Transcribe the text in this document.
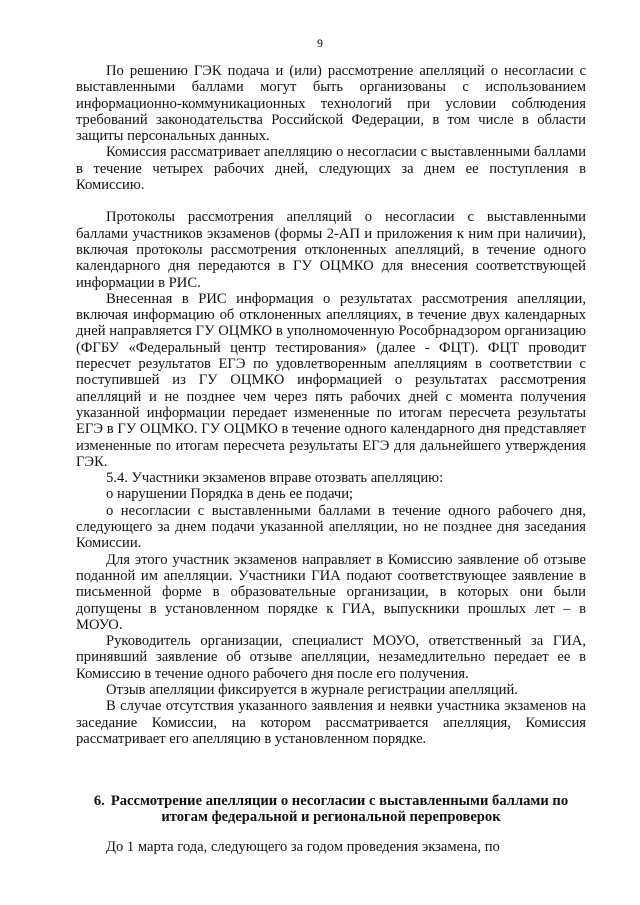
9

По решению ГЭК подача и (или) рассмотрение апелляций о несогласии с выставленными баллами могут быть организованы с использованием информационно-коммуникационных технологий при условии соблюдения требований законодательства Российской Федерации, в том числе в области защиты персональных данных.

Комиссия рассматривает апелляцию о несогласии с выставленными баллами в течение четырех рабочих дней, следующих за днем ее поступления в Комиссию.

Протоколы рассмотрения апелляций о несогласии с выставленными баллами участников экзаменов (формы 2-АП и приложения к ним при наличии), включая протоколы рассмотрения отклоненных апелляций, в течение одного календарного дня передаются в ГУ ОЦМКО для внесения соответствующей информации в РИС.

Внесенная в РИС информация о результатах рассмотрения апелляции, включая информацию об отклоненных апелляциях, в течение двух календарных дней направляется ГУ ОЦМКО в уполномоченную Рособрнадзором организацию (ФГБУ «Федеральный центр тестирования» (далее - ФЦТ). ФЦТ проводит пересчет результатов ЕГЭ по удовлетворенным апелляциям в соответствии с поступившей из ГУ ОЦМКО информацией о результатах рассмотрения апелляций и не позднее чем через пять рабочих дней с момента получения указанной информации передает измененные по итогам пересчета результаты ЕГЭ в ГУ ОЦМКО. ГУ ОЦМКО в течение одного календарного дня представляет измененные по итогам пересчета результаты ЕГЭ для дальнейшего утверждения ГЭК.

5.4. Участники экзаменов вправе отозвать апелляцию:

о нарушении Порядка в день ее подачи;

о несогласии с выставленными баллами в течение одного рабочего дня, следующего за днем подачи указанной апелляции, но не позднее дня заседания Комиссии.

Для этого участник экзаменов направляет в Комиссию заявление об отзыве поданной им апелляции. Участники ГИА подают соответствующее заявление в письменной форме в образовательные организации, в которых они были допущены в установленном порядке к ГИА, выпускники прошлых лет – в МОУО.

Руководитель организации, специалист МОУО, ответственный за ГИА, принявший заявление об отзыве апелляции, незамедлительно передает ее в Комиссию в течение одного рабочего дня после его получения.

Отзыв апелляции фиксируется в журнале регистрации апелляций.

В случае отсутствия указанного заявления и неявки участника экзаменов на заседание Комиссии, на котором рассматривается апелляция, Комиссия рассматривает его апелляцию в установленном порядке.

6. Рассмотрение апелляции о несогласии с выставленными баллами по итогам федеральной и региональной перепроверок
До 1 марта года, следующего за годом проведения экзамена, по
